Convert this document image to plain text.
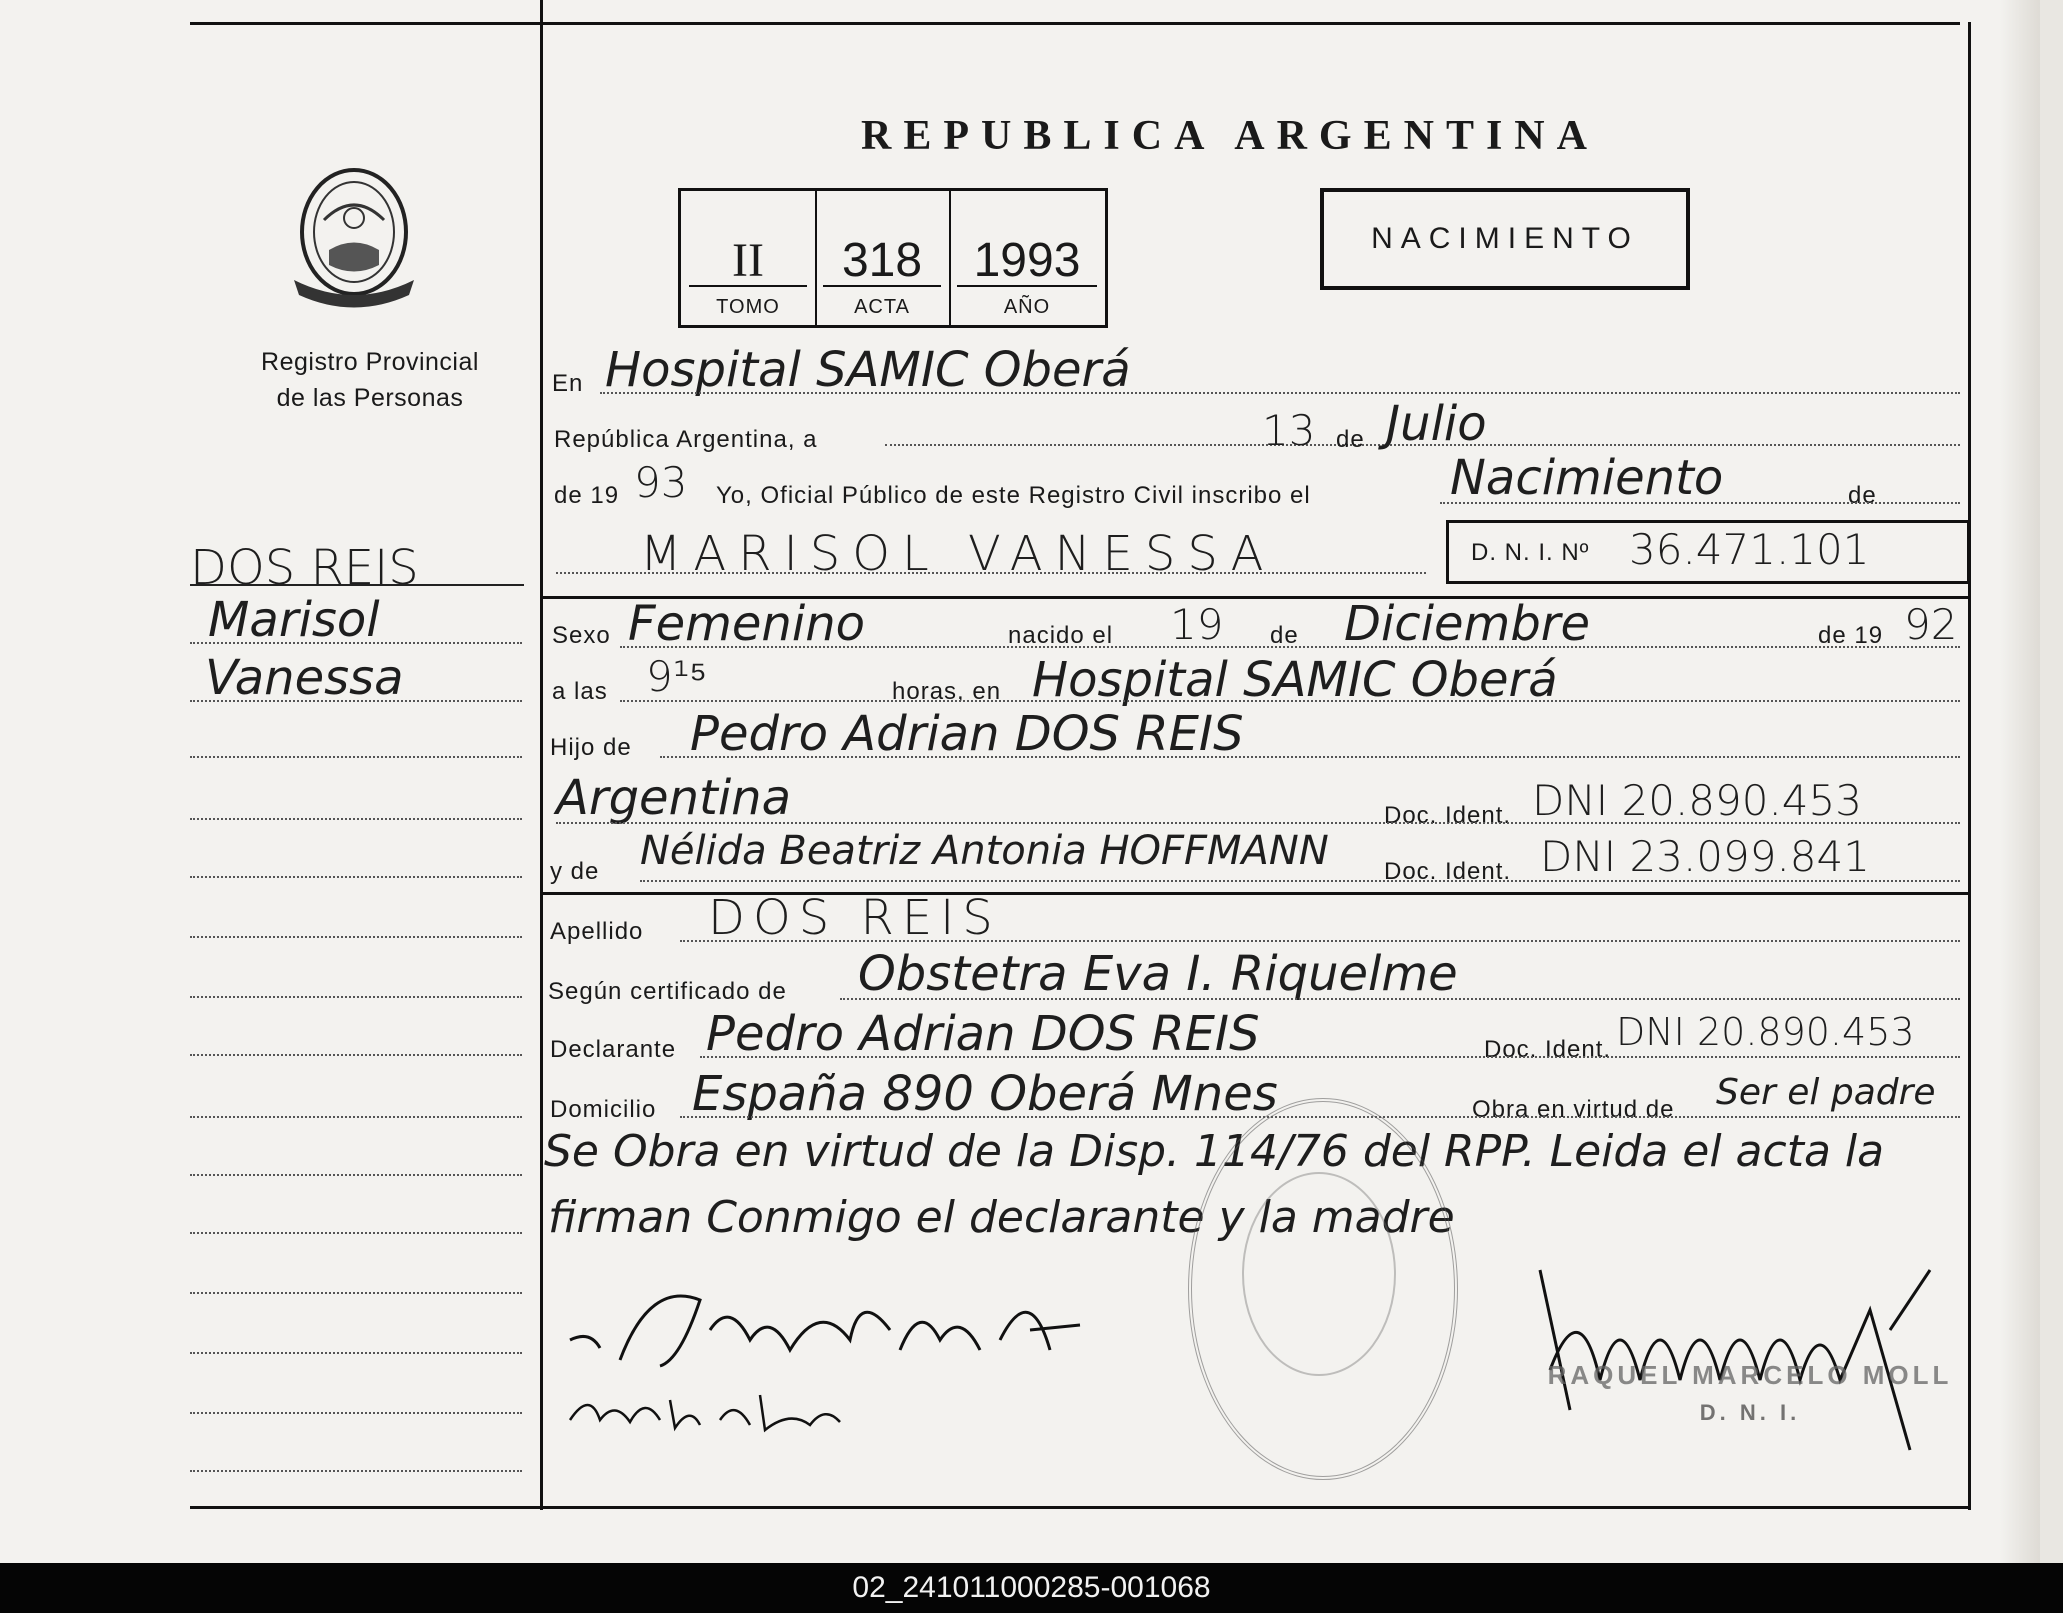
Registro Provincial
de las Personas
REPUBLICA ARGENTINA
II
TOMO
318
ACTA
1993
AÑO
NACIMIENTO
DOS REIS
Marisol
Vanessa
En Hospital SAMIC Oberá
República Argentina, a	13 de Julio
de 19 93 Yo, Oficial Público de este Registro Civil inscribo el	Nacimiento	de
MARISOL VANESSA	D. N. I. Nº 36.471.101
Sexo Femenino	nacido el 19 de Diciembre	de 19 92
a las 9¹⁵	horas, en Hospital SAMIC Oberá
Hijo de Pedro Adrian DOS REIS
Argentina	Doc. Ident. DNI 20.890.453
y de Nélida Beatriz Antonia HOFFMANN Doc. Ident. DNI 23.099.841
Apellido DOS REIS
Según certificado de Obstetra Eva I. Riquelme
Declarante Pedro Adrian DOS REIS	Doc. Ident. DNI 20.890.453
Domicilio España 890 Oberá Mnes	Obra en virtud de Ser el padre
Se Obra en virtud de la Disp. 114/76 del RPP. Leida el acta la
firman Conmigo el declarante y la madre
RAQUEL MARCELO MOLL
D. N. I.
02_241011000285-001068
